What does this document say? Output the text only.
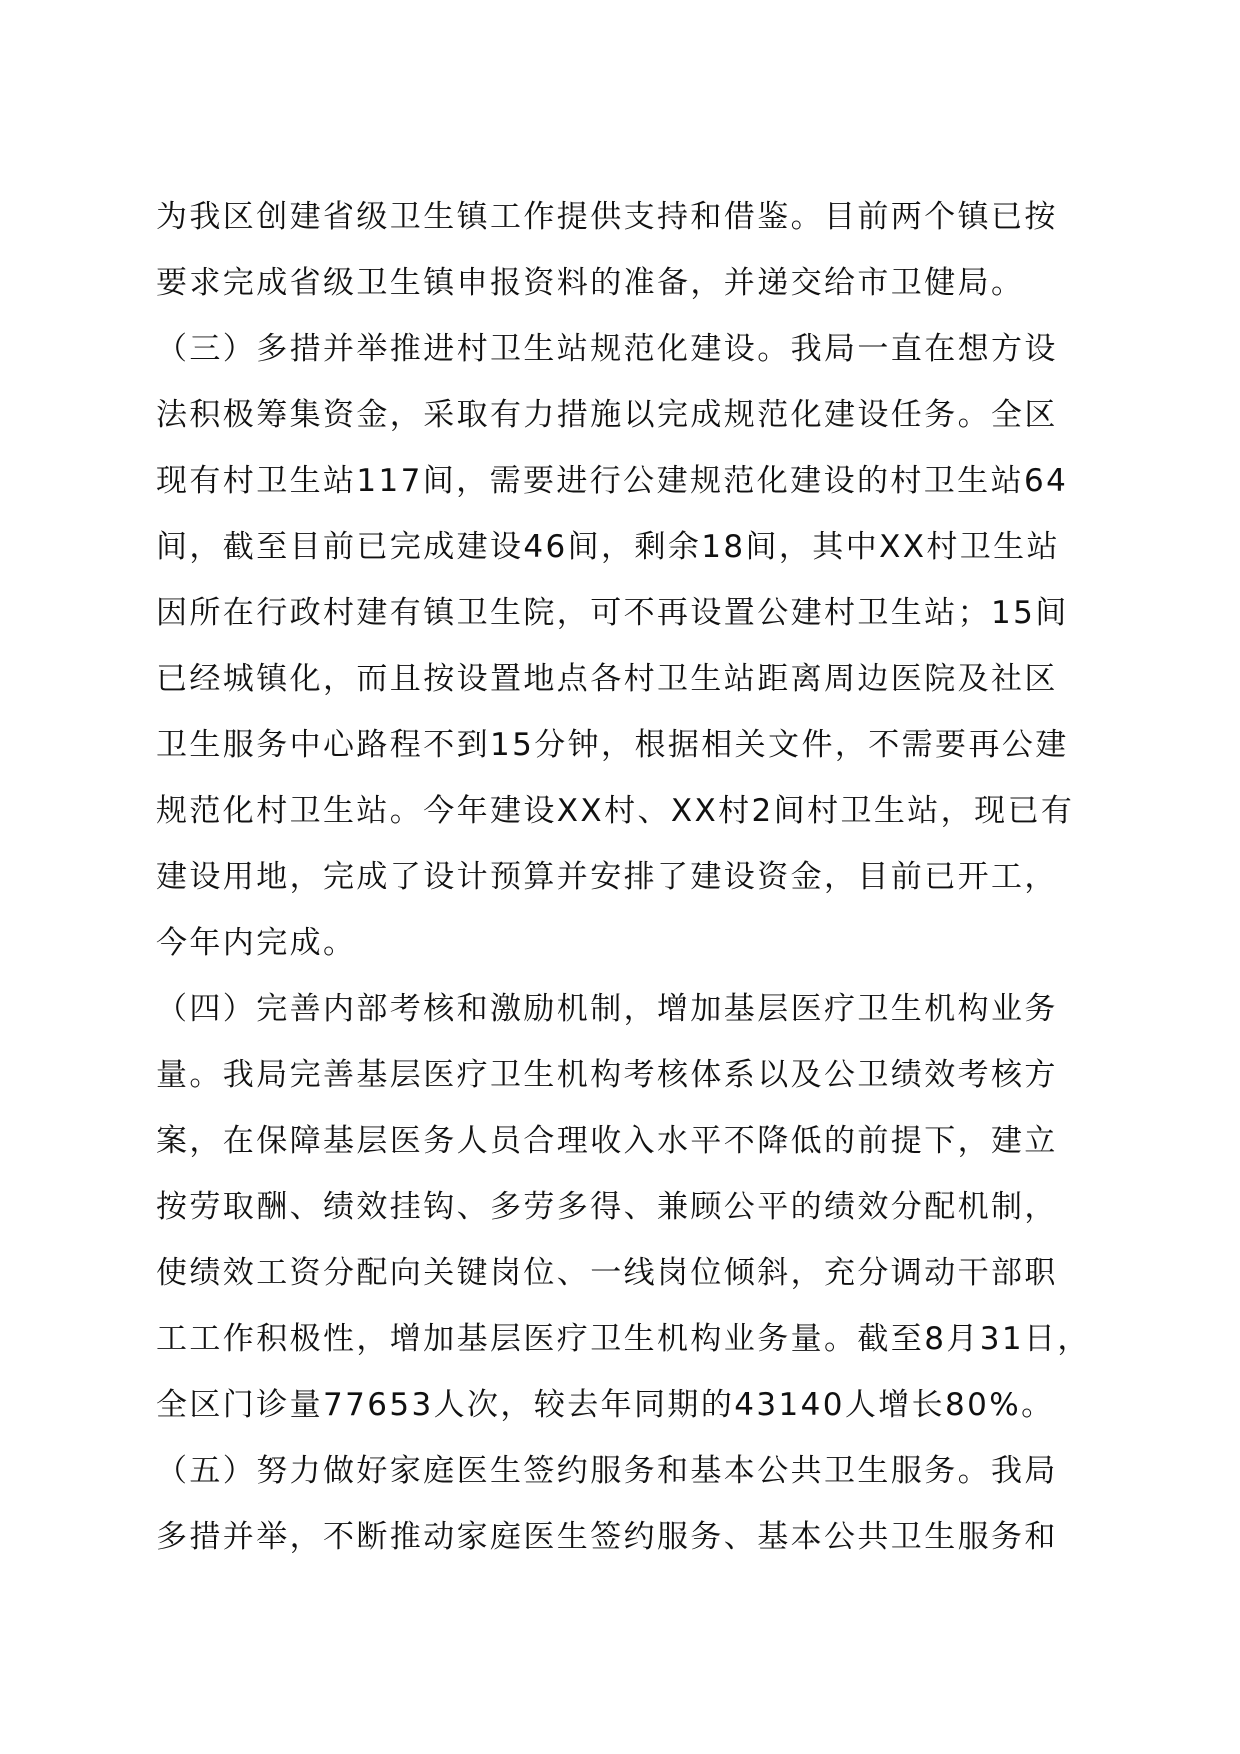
为我区创建省级卫生镇工作提供支持和借鉴。目前两个镇已按
要求完成省级卫生镇申报资料的准备，并递交给市卫健局。
（三）多措并举推进村卫生站规范化建设。我局一直在想方设
法积极筹集资金，采取有力措施以完成规范化建设任务。全区
现有村卫生站117间，需要进行公建规范化建设的村卫生站64
间，截至目前已完成建设46间，剩余18间，其中XX村卫生站
因所在行政村建有镇卫生院，可不再设置公建村卫生站；15间
已经城镇化，而且按设置地点各村卫生站距离周边医院及社区
卫生服务中心路程不到15分钟，根据相关文件，不需要再公建
规范化村卫生站。今年建设XX村、XX村2间村卫生站，现已有
建设用地，完成了设计预算并安排了建设资金，目前已开工，
今年内完成。
（四）完善内部考核和激励机制，增加基层医疗卫生机构业务
量。我局完善基层医疗卫生机构考核体系以及公卫绩效考核方
案，在保障基层医务人员合理收入水平不降低的前提下，建立
按劳取酬、绩效挂钩、多劳多得、兼顾公平的绩效分配机制，
使绩效工资分配向关键岗位、一线岗位倾斜，充分调动干部职
工工作积极性，增加基层医疗卫生机构业务量。截至8月31日，
全区门诊量77653人次，较去年同期的43140人增长80%。
（五）努力做好家庭医生签约服务和基本公共卫生服务。我局
多措并举，不断推动家庭医生签约服务、基本公共卫生服务和
